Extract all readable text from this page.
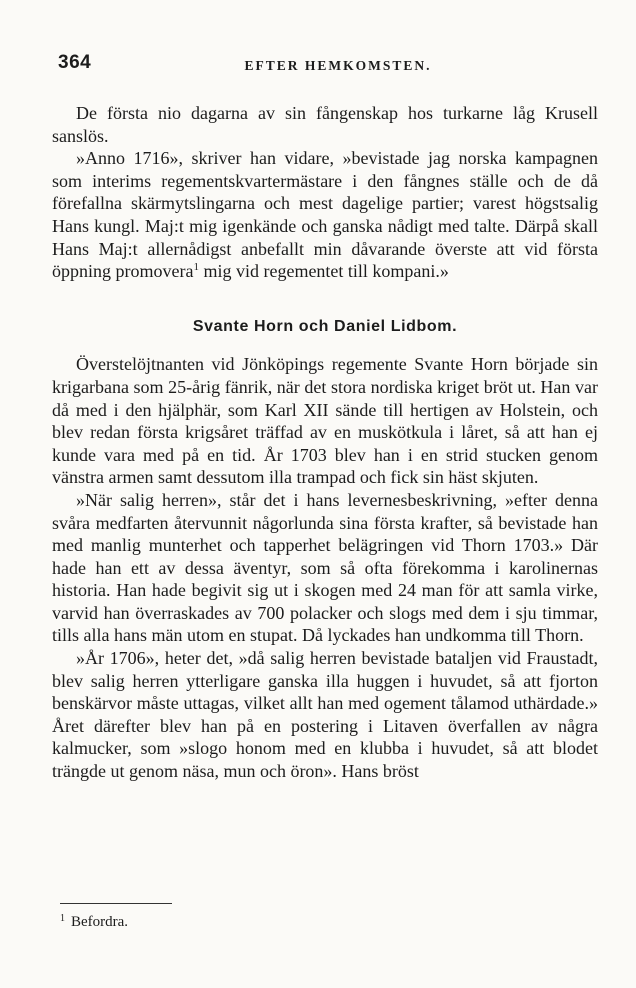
364	EFTER HEMKOMSTEN.

De första nio dagarna av sin fångenskap hos turkarne låg Krusell sanslös.

»Anno 1716», skriver han vidare, »bevistade jag norska kampagnen som interims regementskvartermästare i den fångnes ställe och de då förefallna skärmytslingarna och mest dagelige partier; varest högstsalig Hans kungl. Maj:t mig igenkände och ganska nådigt med talte. Därpå skall Hans Maj:t allernådigst anbefallt min dåvarande överste att vid första öppning promovera$^1$ mig vid regementet till kompani.»

Svante Horn och Daniel Lidbom.

Överstelöjtnanten vid Jönköpings regemente Svante Horn började sin krigarbana som 25-årig fänrik, när det stora nordiska kriget bröt ut. Han var då med i den hjälphär, som Karl XII sände till hertigen av Holstein, och blev redan första krigsåret träffad av en muskötkula i låret, så att han ej kunde vara med på en tid. År 1703 blev han i en strid stucken genom vänstra armen samt dessutom illa trampad och fick sin häst skjuten.

»När salig herren», står det i hans levernesbeskrivning, »efter denna svåra medfarten återvunnit någorlunda sina första krafter, så bevistade han med manlig munterhet och tapperhet belägringen vid Thorn 1703.» Där hade han ett av dessa äventyr, som så ofta förekomma i karolinernas historia. Han hade begivit sig ut i skogen med 24 man för att samla virke, varvid han överraskades av 700 polacker och slogs med dem i sju timmar, tills alla hans män utom en stupat. Då lyckades han undkomma till Thorn.

»År 1706», heter det, »då salig herren bevistade bataljen vid Fraustadt, blev salig herren ytterligare ganska illa huggen i huvudet, så att fjorton benskärvor måste uttagas, vilket allt han med ogement tålamod uthärdade.» Året därefter blev han på en postering i Litaven överfallen av några kalmucker, som »slogo honom med en klubba i huvudet, så att blodet trängde ut genom näsa, mun och öron». Hans bröst

$^1$ Befordra.
